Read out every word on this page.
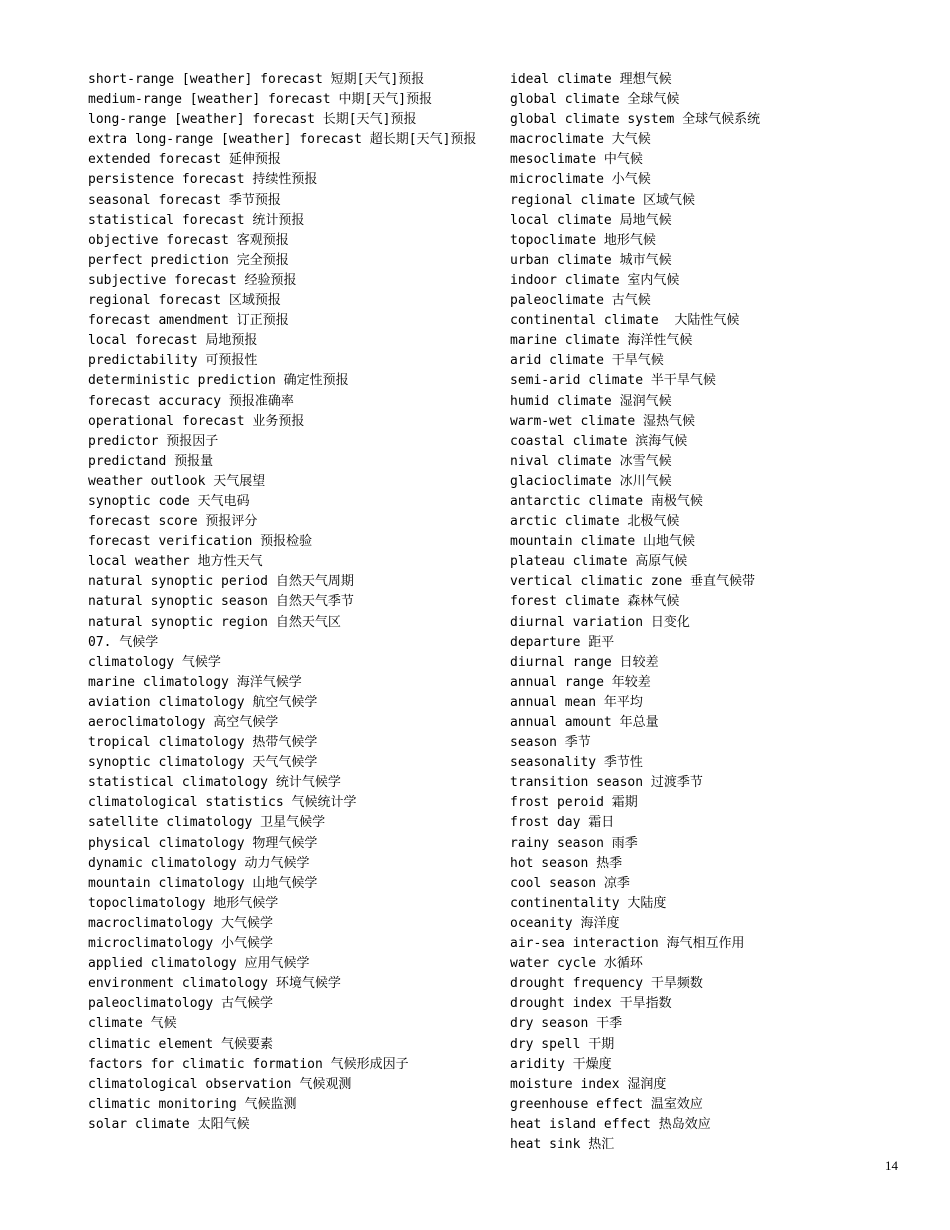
short-range [weather] forecast 短期[天气]预报
medium-range [weather] forecast 中期[天气]预报
long-range [weather] forecast 长期[天气]预报
extra long-range [weather] forecast 超长期[天气]预报
extended forecast 延伸预报
persistence forecast 持续性预报
seasonal forecast 季节预报
statistical forecast 统计预报
objective forecast 客观预报
perfect prediction 完全预报
subjective forecast 经验预报
regional forecast 区域预报
forecast amendment 订正预报
local forecast 局地预报
predictability 可预报性
deterministic prediction 确定性预报
forecast accuracy 预报准确率
operational forecast 业务预报
predictor 预报因子
predictand 预报量
weather outlook 天气展望
synoptic code 天气电码
forecast score 预报评分
forecast verification 预报检验
local weather 地方性天气
natural synoptic period 自然天气周期
natural synoptic season 自然天气季节
natural synoptic region 自然天气区
07. 气候学
climatology 气候学
marine climatology 海洋气候学
aviation climatology 航空气候学
aeroclimatology 高空气候学
tropical climatology 热带气候学
synoptic climatology 天气气候学
statistical climatology 统计气候学
climatological statistics 气候统计学
satellite climatology 卫星气候学
physical climatology 物理气候学
dynamic climatology 动力气候学
mountain climatology 山地气候学
topoclimatology 地形气候学
macroclimatology 大气候学
microclimatology 小气候学
applied climatology 应用气候学
environment climatology 环境气候学
paleoclimatology 古气候学
climate 气候
climatic element 气候要素
factors for climatic formation 气候形成因子
climatological observation 气候观测
climatic monitoring 气候监测
solar climate 太阳气候
ideal climate 理想气候
global climate 全球气候
global climate system 全球气候系统
macroclimate 大气候
mesoclimate 中气候
microclimate 小气候
regional climate 区域气候
local climate 局地气候
topoclimate 地形气候
urban climate 城市气候
indoor climate 室内气候
paleoclimate 古气候
continental climate  大陆性气候
marine climate 海洋性气候
arid climate 干旱气候
semi-arid climate 半干旱气候
humid climate 湿润气候
warm-wet climate 湿热气候
coastal climate 滨海气候
nival climate 冰雪气候
glacioclimate 冰川气候
antarctic climate 南极气候
arctic climate 北极气候
mountain climate 山地气候
plateau climate 高原气候
vertical climatic zone 垂直气候带
forest climate 森林气候
diurnal variation 日变化
departure 距平
diurnal range 日较差
annual range 年较差
annual mean 年平均
annual amount 年总量
season 季节
seasonality 季节性
transition season 过渡季节
frost peroid 霜期
frost day 霜日
rainy season 雨季
hot season 热季
cool season 凉季
continentality 大陆度
oceanity 海洋度
air-sea interaction 海气相互作用
water cycle 水循环
drought frequency 干旱频数
drought index 干旱指数
dry season 干季
dry spell 干期
aridity 干燥度
moisture index 湿润度
greenhouse effect 温室效应
heat island effect 热岛效应
heat sink 热汇
14
